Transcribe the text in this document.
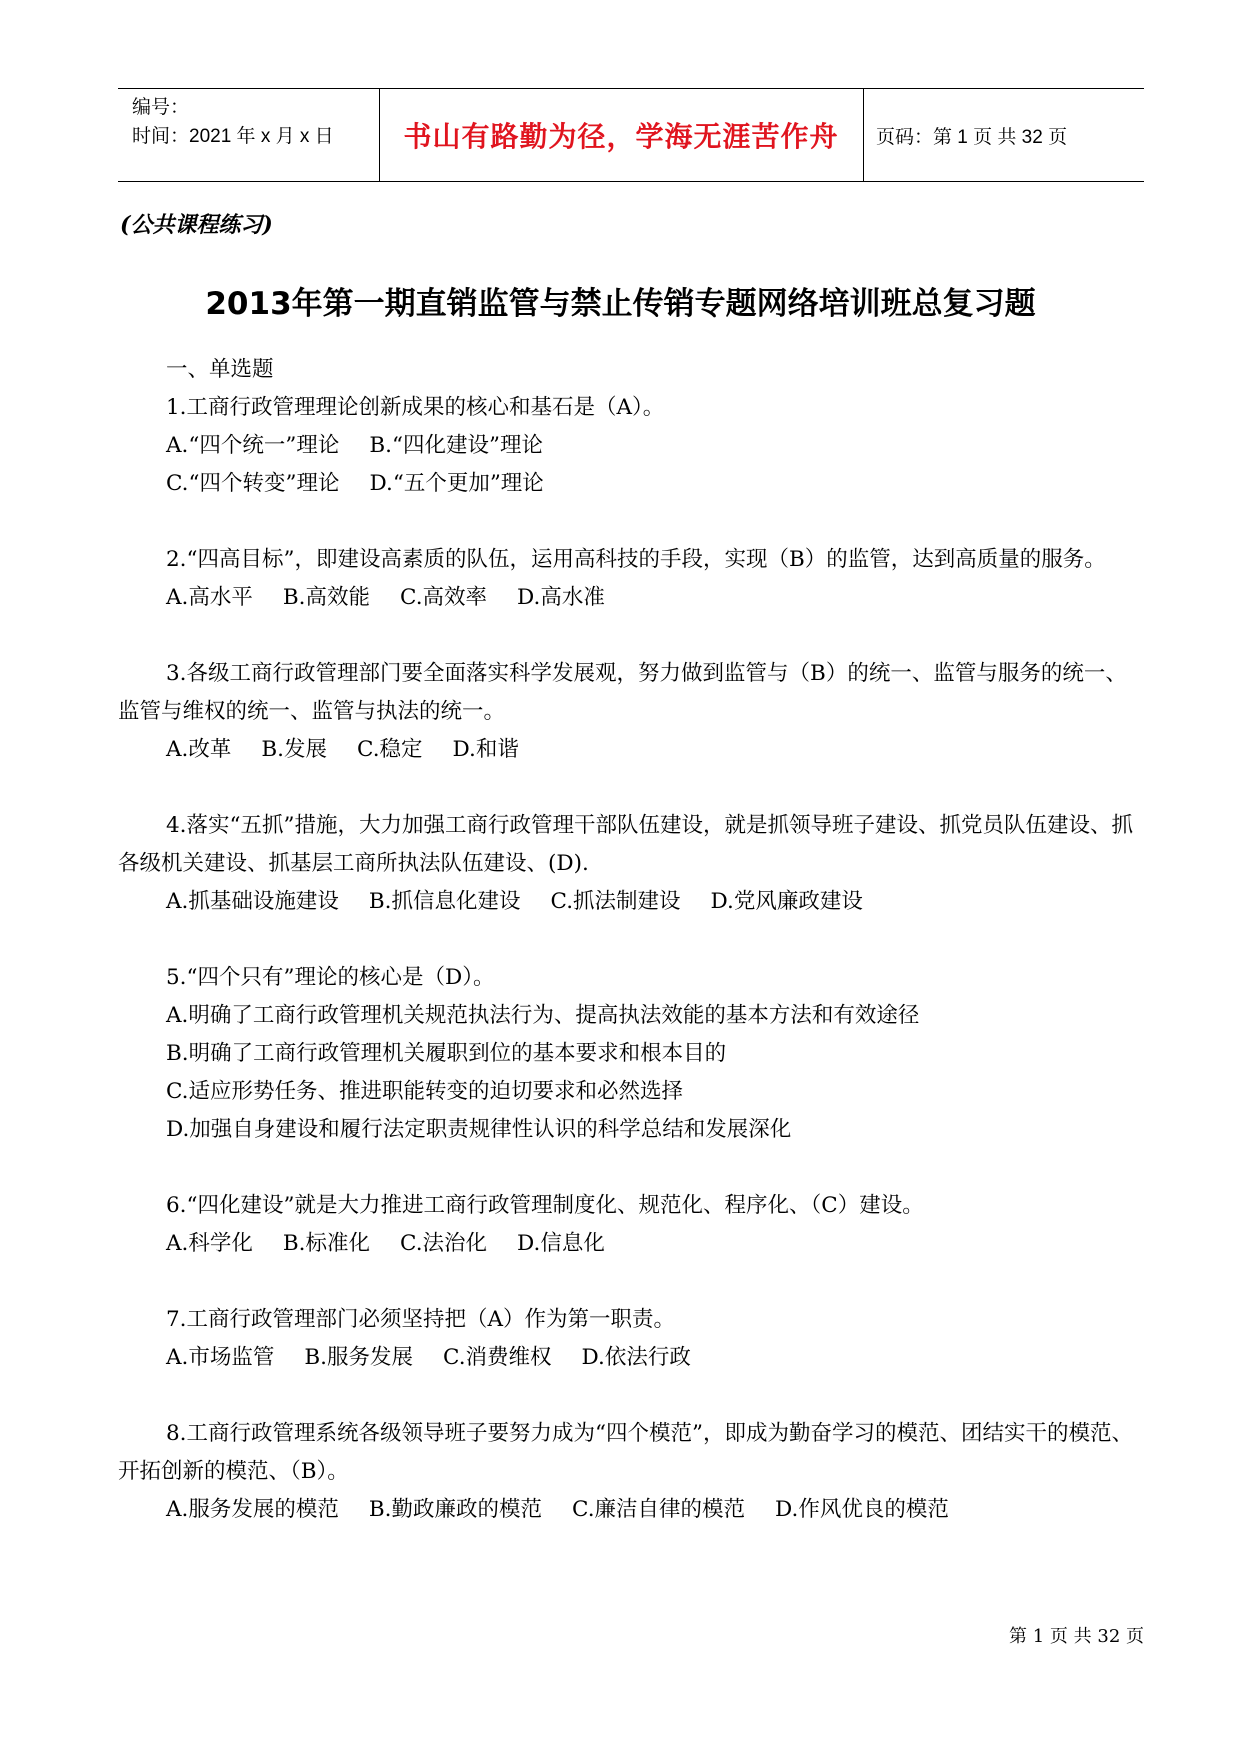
编号：
时间：2021 年 x 月 x 日	书山有路勤为径，学海无涯苦作舟	页码：第 1 页 共 32 页
(公共课程练习)
2013年第一期直销监管与禁止传销专题网络培训班总复习题
一、单选题
1.工商行政管理理论创新成果的核心和基石是（A）。
A.“四个统一”理论 B.“四化建设”理论
C.“四个转变”理论 D.“五个更加”理论
2.“四高目标”，即建设高素质的队伍，运用高科技的手段，实现（B）的监管，达到高质量的服务。
A.高水平 B.高效能 C.高效率 D.高水准
3.各级工商行政管理部门要全面落实科学发展观，努力做到监管与（B）的统一、监管与服务的统一、监管与维权的统一、监管与执法的统一。
A.改革 B.发展 C.稳定 D.和谐
4.落实“五抓”措施，大力加强工商行政管理干部队伍建设，就是抓领导班子建设、抓党员队伍建设、抓各级机关建设、抓基层工商所执法队伍建设、(D).
A.抓基础设施建设 B.抓信息化建设 C.抓法制建设 D.党风廉政建设
5.“四个只有”理论的核心是（D）。
A.明确了工商行政管理机关规范执法行为、提高执法效能的基本方法和有效途径
B.明确了工商行政管理机关履职到位的基本要求和根本目的
C.适应形势任务、推进职能转变的迫切要求和必然选择
D.加强自身建设和履行法定职责规律性认识的科学总结和发展深化
6.“四化建设”就是大力推进工商行政管理制度化、规范化、程序化、（C）建设。
A.科学化 B.标准化 C.法治化 D.信息化
7.工商行政管理部门必须坚持把（A）作为第一职责。
A.市场监管 B.服务发展 C.消费维权 D.依法行政
8.工商行政管理系统各级领导班子要努力成为“四个模范”，即成为勤奋学习的模范、团结实干的模范、开拓创新的模范、（B）。
A.服务发展的模范 B.勤政廉政的模范 C.廉洁自律的模范 D.作风优良的模范
第 1 页 共 32 页
